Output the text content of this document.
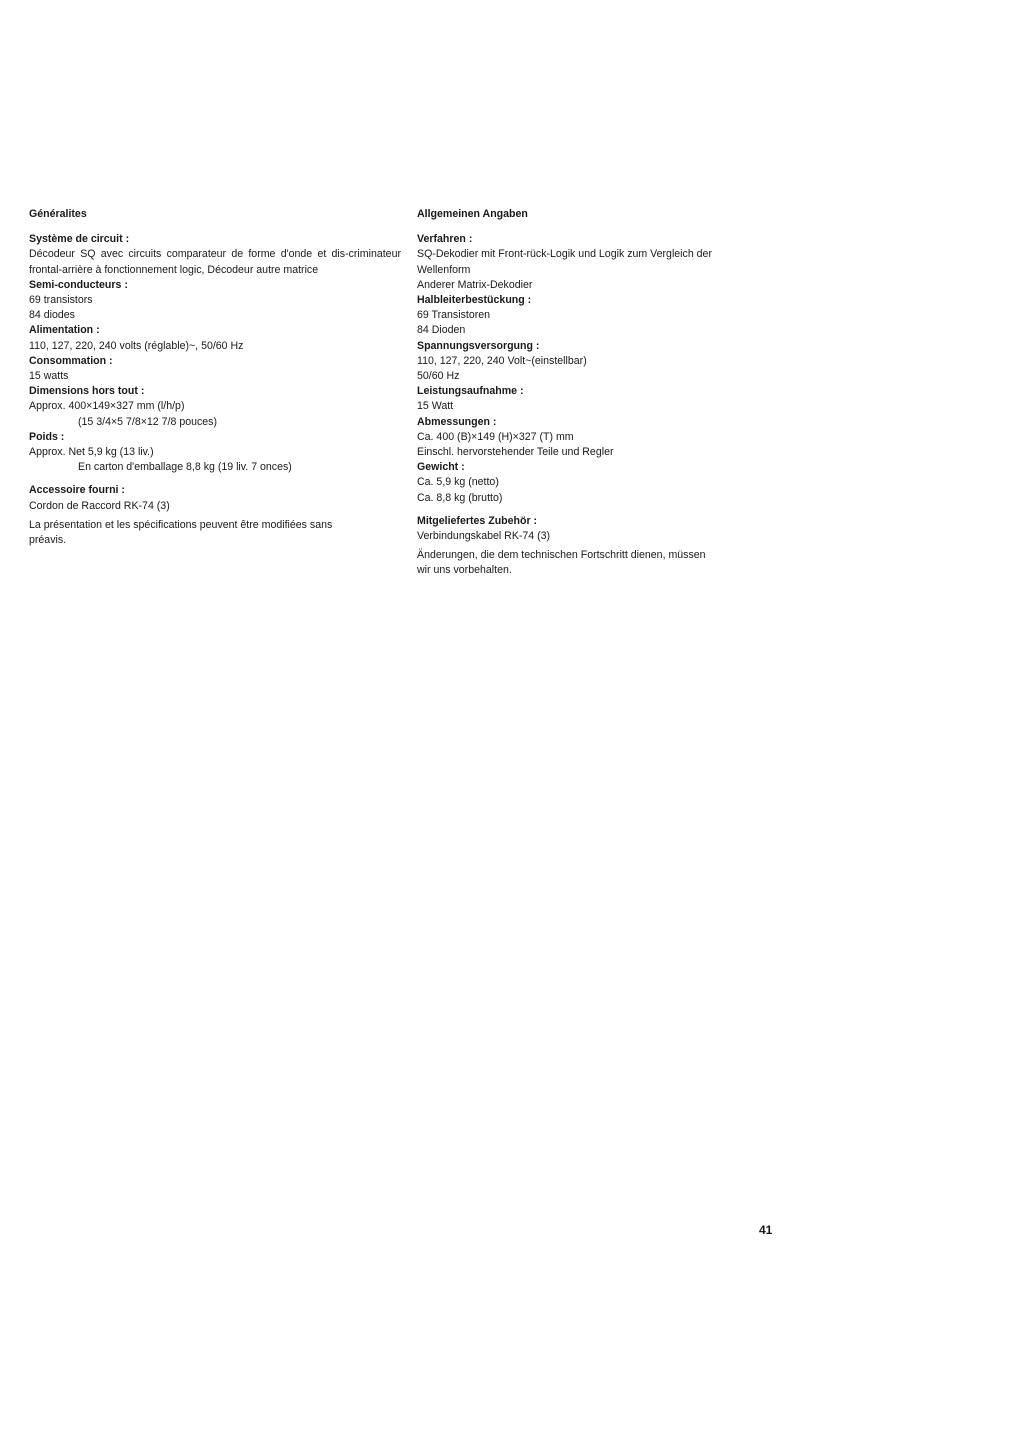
Généralites
Système de circuit :
Décodeur SQ avec circuits comparateur de forme d'onde et dis-criminateur frontal-arrière à fonctionnement logic, Décodeur autre matrice
Semi-conducteurs :
69 transistors
84 diodes
Alimentation :
110, 127, 220, 240 volts (réglable)~, 50/60 Hz
Consommation :
15 watts
Dimensions hors tout :
Approx. 400×149×327 mm (l/h/p)
(15 3/4×5 7/8×12 7/8 pouces)
Poids :
Approx. Net 5,9 kg (13 liv.)
En carton d'emballage 8,8 kg (19 liv. 7 onces)
Accessoire fourni :
Cordon de Raccord RK-74 (3)
La présentation et les spécifications peuvent être modifiées sans
préavis.
Allgemeinen Angaben
Verfahren :
SQ-Dekodier mit Front-rück-Logik und Logik zum Vergleich der
Wellenform
Anderer Matrix-Dekodier
Halbleiterbestückung :
69 Transistoren
84 Dioden
Spannungsversorgung :
110, 127, 220, 240 Volt~(einstellbar)
50/60 Hz
Leistungsaufnahme :
15 Watt
Abmessungen :
Ca. 400 (B)×149 (H)×327 (T) mm
Einschl. hervorstehender Teile und Regler
Gewicht :
Ca. 5,9 kg (netto)
Ca. 8,8 kg (brutto)
Mitgeliefertes Zubehör :
Verbindungskabel RK-74 (3)
Änderungen, die dem technischen Fortschritt dienen, müssen
wir uns vorbehalten.
41
